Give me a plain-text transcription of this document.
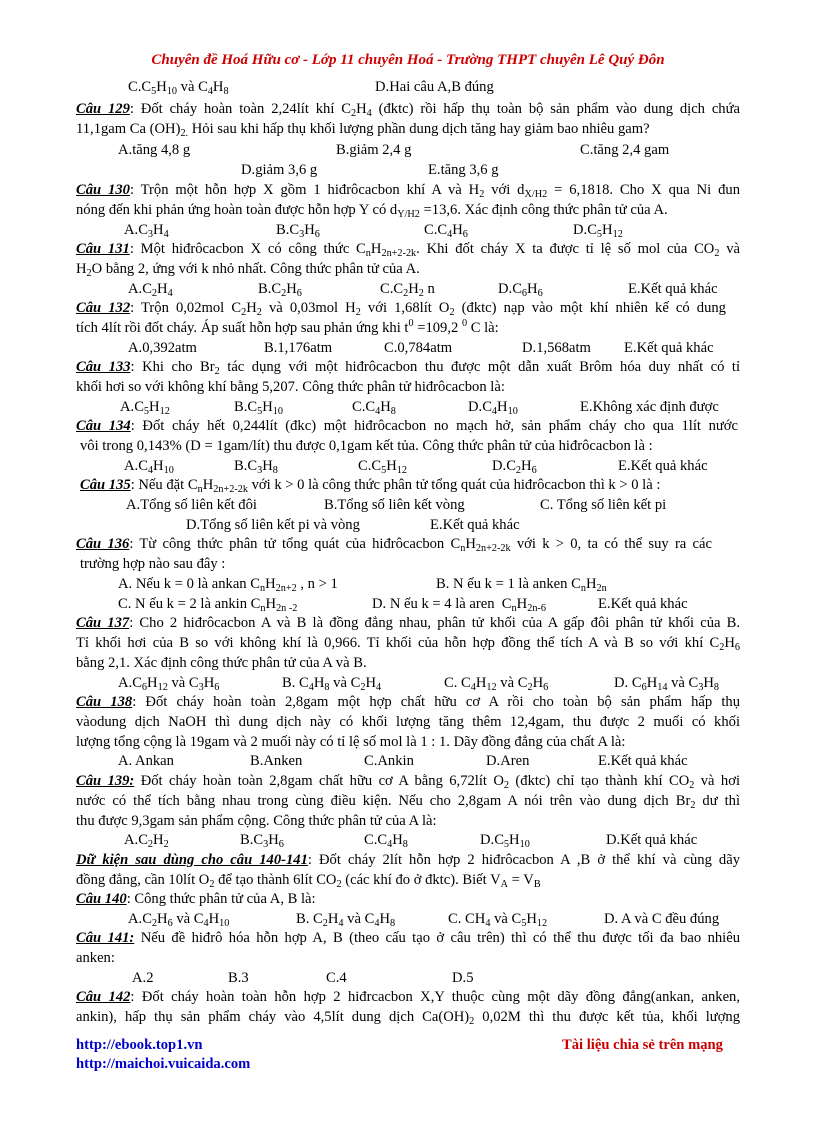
Chuyên đề Hoá Hữu cơ - Lớp 11 chuyên Hoá - Trường THPT chuyên Lê Quý Đôn
$C.C_5H_{10}$ và $C_4H_8$	D.Hai câu A,B đúng
Câu 129: Đốt cháy hoàn toàn 2,24lít khí $C_2H_4$ (đktc) rồi hấp thụ toàn bộ sản phẩm vào dung dịch chứa
11,1gam Ca $(OH)_{2.}$ Hỏi sau khi hấp thụ khối lượng phần dung dịch tăng hay giảm bao nhiêu gam?
A.tăng 4,8 g	B.giảm 2,4 g	C.tăng 2,4 gam
D.giảm 3,6 g	E.tăng 3,6 g
Câu 130: Trộn một hỗn hợp X gồm 1 hiđrôcacbon khí A và $H_2$ với $d_{X/H2} = 6,1818$. Cho X qua Ni đun
nóng đến khi phản ứng hoàn toàn được hỗn hợp Y có $d_{Y/H2} =13,6$. Xác định công thức phân tử của A.
$A.C_3H_4$	$B.C_3H_6$	$C.C_4H_6$	$D.C_5H_{12}$
Câu 131: Một hiđrôcacbon X có công thức $C_nH_{2n+2-2k}$. Khi đốt cháy X ta được tỉ lệ số mol của $CO_2$ và
$H_2O$ bằng 2, ứng với k nhỏ nhất. Công thức phân tử của A.
$A.C_2H_4$	$B.C_2H_6$	$C.C_2H_2$ n	$D.C_6H_6$	E.Kết quả khác
Câu 132: Trộn 0,02mol $C_2H_2$ và 0,03mol $H_2$ với 1,68lít $O_2$ (đktc) nạp vào một khí nhiên kế có dung
tích 4lít rồi đốt cháy. Áp suất hỗn hợp sau phản ứng khi $t^0 =109,2$ $^0$ C là:
A.0,392atm	B.1,176atm	C.0,784atm	D.1,568atm E.Kết quả khác
Câu 133: Khi cho $Br_2$ tác dụng với một hiđrôcacbon thu được một dẫn xuất Brôm hóa duy nhất có tỉ
khối hơi so với không khí bằng 5,207. Công thức phân tử hiđrôcacbon là:
$A.C_5H_{12}$	$B.C_5H_{10}$	$C.C_4H_8$	$D.C_4H_{10}$	E.Không xác định được
Câu 134: Đốt cháy hết 0,244lít (đkc) một hiđrôcacbon no mạch hở, sản phẩm cháy cho qua 1lít nước
vôi trong 0,143% (D = 1gam/lít) thu được 0,1gam kết tủa. Công thức phân tử của hiđrôcacbon là :
$A.C_4H_{10}$	$B.C_3H_8$	$C.C_5H_{12}$	$D.C_2H_6$	E.Kết quả khác
Câu 135: Nếu đặt $C_nH_{2n+2-2k}$ với k > 0 là công thức phân tử tổng quát của hiđrôcacbon thì k > 0 là :
A.Tổng số liên kết đôi	B.Tổng số liên kết vòng	C. Tổng số liên kết pi
D.Tổng số liên kết pi và vòng	E.Kết quả khác
Câu 136: Từ công thức phân tử tổng quát của hiđrôcacbon $C_nH_{2n+2-2k}$ với k > 0, ta có thể suy ra các
trường hợp nào sau đây :
A. Nếu k = 0 là ankan $C_nH_{2n+2}$ , n > 1	B. N ếu k = 1 là anken $C_nH_{2n}$
C. N ếu k = 2 là ankin $C_nH_{2n -2}$	D. N ếu k = 4 là aren  $C_nH_{2n-6}$	E.Kết quả khác
Câu 137: Cho 2 hiđrôcacbon A và B là đồng đẳng nhau, phân tử khối của A gấp đôi phân tử khối của B.
Tỉ khối hơi của B so với không khí là 0,966. Tỉ khối của hỗn hợp đồng thể tích A và B so với khí $C_2H_6$
bằng 2,1. Xác định công thức phân tử của A và B.
$A.C_6H_{12}$ và $C_3H_6$	B. $C_4H_8$ và $C_2H_4$	C. $C_4H_{12}$ và $C_2H_6$	D. $C_6H_{14}$ và $C_3H_8$
Câu 138: Đốt cháy hoàn toàn 2,8gam một hợp chất hữu cơ A rồi cho toàn bộ sản phẩm hấp thụ
vàodung dịch NaOH thì dung dịch này có khối lượng tăng thêm 12,4gam, thu được 2 muối có khối
lượng tổng cộng là 19gam và 2 muối này có tỉ lệ số mol là 1 : 1. Dãy đồng đẳng của chất A là:
A. Ankan	B.Anken	C.Ankin	D.Aren	E.Kết quả khác
Câu 139: Đốt cháy hoàn toàn 2,8gam chất hữu cơ A bằng 6,72lít $O_2$ (đktc) chỉ tạo thành khí $CO_2$ và hơi
nước có thể tích bằng nhau trong cùng điều kiện. Nếu cho 2,8gam A nói trên vào dung dịch $Br_2$ dư thì
thu được 9,3gam sản phẩm cộng. Công thức phân tử của A là:
$A.C_2H_2$	$B.C_3H_6$	$C.C_4H_8$	$D.C_5H_{10}$	D.Kết quả khác
Dữ kiện sau dùng cho câu 140-141: Đốt cháy 2lít hỗn hợp 2 hiđrôcacbon A ,B ở thể khí và cùng dãy
đồng đẳng, cần 10lít $O_2$ để tạo thành 6lít $CO_2$ (các khí đo ở đktc). Biết $V_A = V_B$
Câu 140: Công thức phân tử của A, B là:
$A.C_2H_6$ và $C_4H_{10}$	B. $C_2H_4$ và $C_4H_8$	C. $CH_4$ và $C_5H_{12}$	D. A và C đều đúng
Câu 141: Nếu đề hiđrô hóa hỗn hợp A, B (theo cấu tạo ở câu trên) thì có thể thu được tối đa bao nhiêu
anken:
A.2	B.3	C.4	D.5
Câu 142: Đốt cháy hoàn toàn hỗn hợp 2 hiđrcacbon X,Y thuộc cùng một dãy đồng đẳng(ankan, anken,
ankin), hấp thụ sản phẩm cháy vào 4,5lít dung dịch $Ca(OH)_2$ 0,02M thì thu được kết tủa, khối lượng
http://ebook.top1.vn
http://maichoi.vuicaida.com
Tài liệu chia sẻ trên mạng
